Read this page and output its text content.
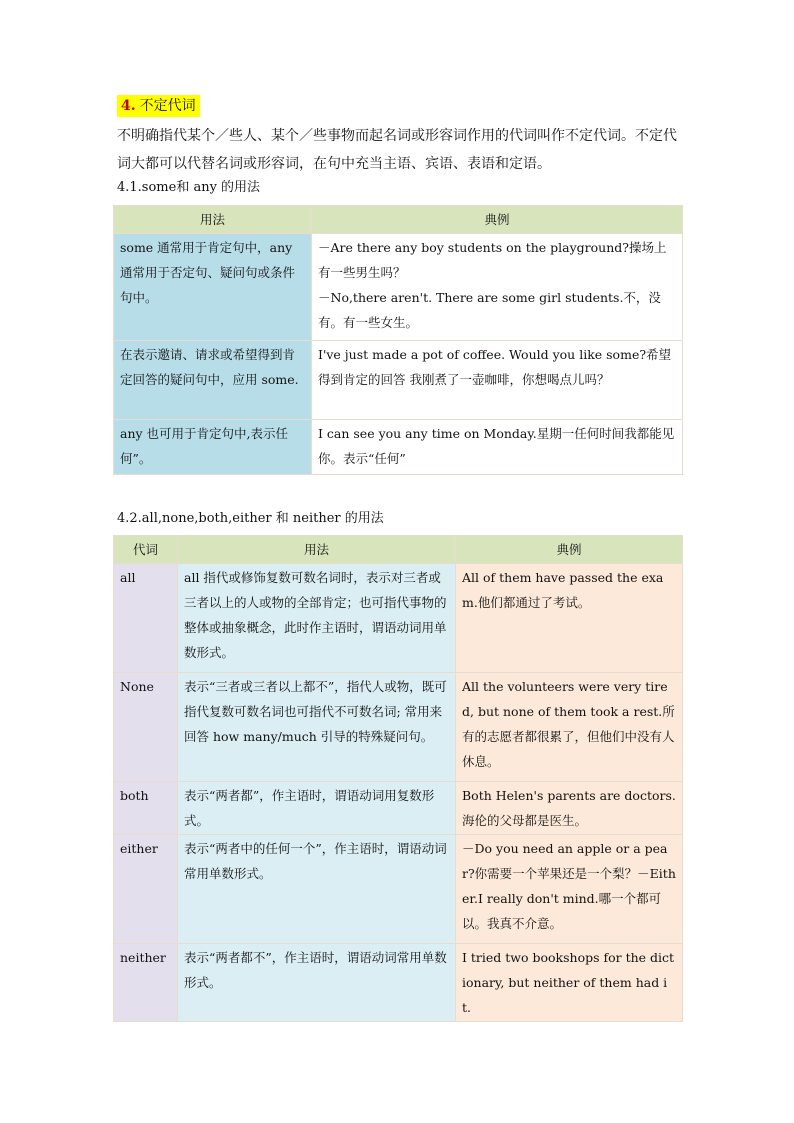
4. 不定代词
不明确指代某个／些人、某个／些事物而起名词或形容词作用的代词叫作不定代词。不定代词大都可以代替名词或形容词，在句中充当主语、宾语、表语和定语。
4.1.some和 any 的用法
用法	典例
some 通常用于肯定句中，any 通常用于否定句、疑问句或条件句中。	－Are there any boy students on the playground?操场上有一些男生吗？
－No,there aren't. There are some girl students.不，没有。有一些女生。

在表示邀请、请求或希望得到肯定回答的疑问句中，应用 some.	I've just made a pot of coffee. Would you like some?希望得到肯定的回答 我刚煮了一壶咖啡，你想喝点儿吗？
any 也可用于肯定句中,表示任何”。	I can see you any time on Monday.星期一任何时间我都能见你。表示“任何”
4.2.all,none,both,either 和 neither 的用法
代词	用法	典例
all	all 指代或修饰复数可数名词时，表示对三者或三者以上的人或物的全部肯定；也可指代事物的整体或抽象概念，此时作主语时，谓语动词用单数形式。	All of them have passed the exam.他们都通过了考试。
None	表示“三者或三者以上都不”，指代人或物，既可指代复数可数名词也可指代不可数名词; 常用来回答 how many/much 引导的特殊疑问句。	All the volunteers were very tired, but none of them took a rest.所有的志愿者都很累了，但他们中没有人休息。
both	表示“两者都”，作主语时，谓语动词用复数形式。	Both Helen's parents are doctors.海伦的父母都是医生。
either	表示“两者中的任何一个”，作主语时，谓语动词常用单数形式。	－Do you need an apple or a pear?你需要一个苹果还是一个梨？－Either.I really don't mind.哪一个都可以。我真不介意。
neither	表示“两者都不”，作主语时，谓语动词常用单数形式。	I tried two bookshops for the dictionary, but neither of them had it.
